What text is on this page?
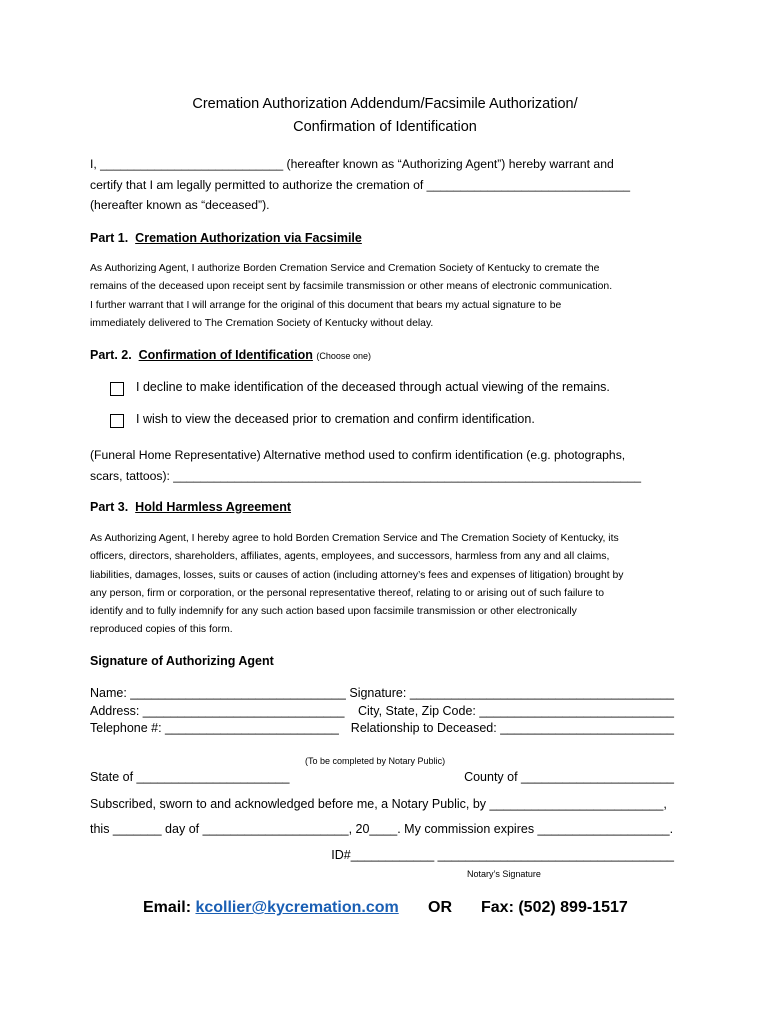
Cremation Authorization Addendum/Facsimile Authorization/
Confirmation of Identification

I, ___________________________ (hereafter known as “Authorizing Agent”) hereby warrant and

certify that I am legally permitted to authorize the cremation of ______________________________

(hereafter known as “deceased”).

Part 1. Cremation Authorization via Facsimile

As Authorizing Agent, I authorize Borden Cremation Service and Cremation Society of Kentucky to cremate the

remains of the deceased upon receipt sent by facsimile transmission or other means of electronic communication.

I further warrant that I will arrange for the original of this document that bears my actual signature to be

immediately delivered to The Cremation Society of Kentucky without delay.

Part. 2. Confirmation of Identification (Choose one)
I decline to make identification of the deceased through actual viewing of the remains.
I wish to view the deceased prior to cremation and confirm identification.

(Funeral Home Representative) Alternative method used to confirm identification (e.g. photographs,

scars, tattoos): _____________________________________________________________________

Part 3. Hold Harmless Agreement

As Authorizing Agent, I hereby agree to hold Borden Cremation Service and The Cremation Society of Kentucky, its

officers, directors, shareholders, affiliates, agents, employees, and successors, harmless from any and all claims,

liabilities, damages, losses, suits or causes of action (including attorney’s fees and expenses of litigation) brought by

any person, firm or corporation, or the personal representative thereof, relating to or arising out of such failure to

identify and to fully indemnify for any such action based upon facsimile transmission or other electronically

reproduced copies of this form.

Signature of Authorizing Agent
Name: _______________________________
Address: _____________________________
Telephone #: _________________________
Signature: ______________________________________
City, State, Zip Code: ____________________________
Relationship to Deceased: _________________________
(To be completed by Notary Public)
State of ______________________	County of ______________________
Subscribed, sworn to and acknowledged before me, a Notary Public, by _________________________,
this _______ day of _____________________, 20____. My commission expires ___________________.
ID#____________ __________________________________
Notary’s Signature
Email: kcollier@kycremation.com OR Fax: (502) 899-1517
